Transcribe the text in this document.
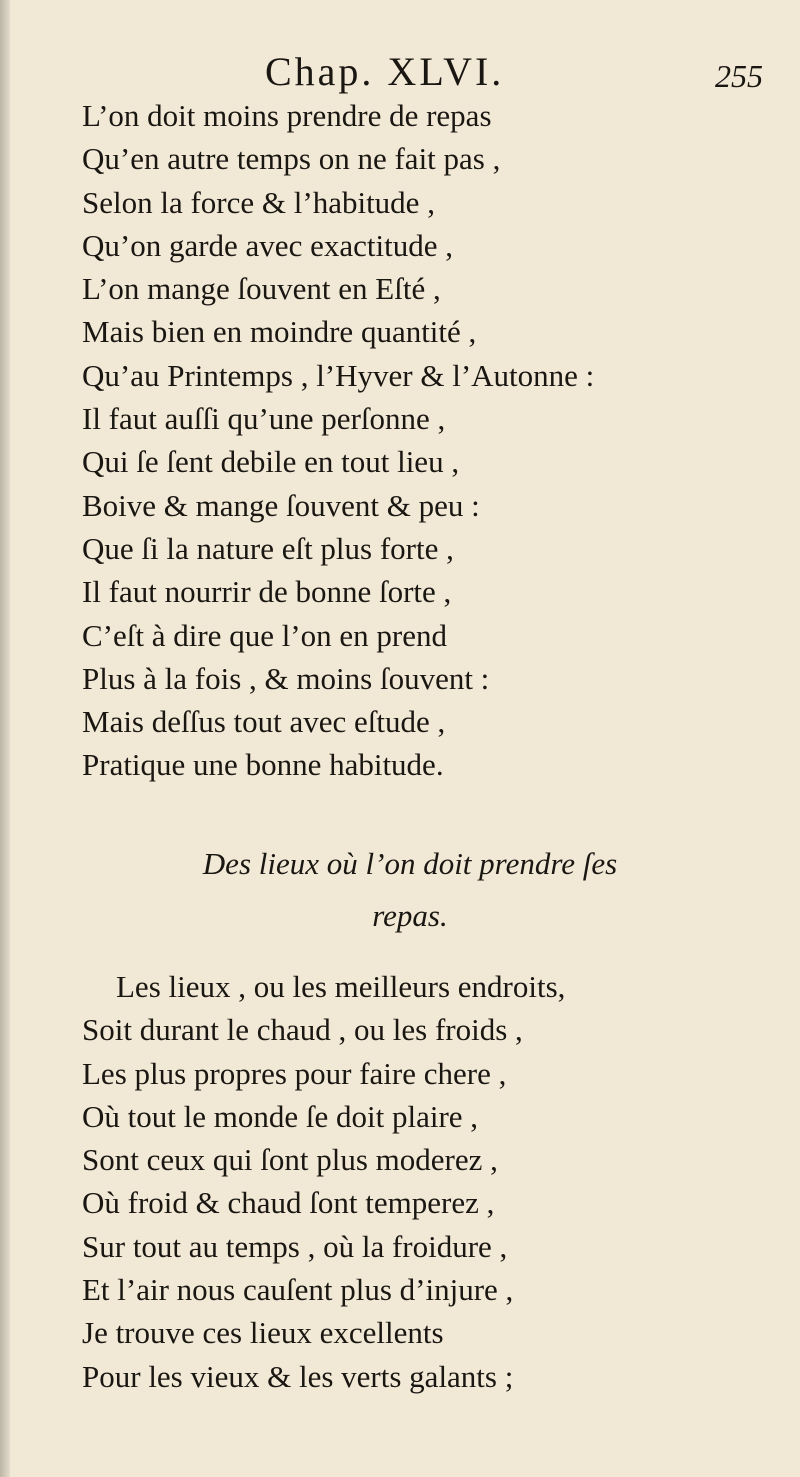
Chap. XLVI.	255
L’on doit moins prendre de repas
Qu’en autre temps on ne fait pas ,
Selon la force & l’habitude ,
Qu’on garde avec exactitude ,
L’on mange ſouvent en Eſté ,
Mais bien en moindre quantité ,
Qu’au Printemps , l’Hyver & l’Autonne :
Il faut auſſi qu’une perſonne ,
Qui ſe ſent debile en tout lieu ,
Boive & mange ſouvent & peu :
Que ſi la nature eſt plus forte ,
Il faut nourrir de bonne ſorte ,
C’eſt à dire que l’on en prend
Plus à la fois , & moins ſouvent :
Mais deſſus tout avec eſtude ,
Pratique une bonne habitude.
Des lieux où l’on doit prendre ſes
repas.
Les lieux , ou les meilleurs endroits,
Soit durant le chaud , ou les froids ,
Les plus propres pour faire chere ,
Où tout le monde ſe doit plaire ,
Sont ceux qui ſont plus moderez ,
Où froid & chaud ſont temperez ,
Sur tout au temps , où la froidure ,
Et l’air nous cauſent plus d’injure ,
Je trouve ces lieux excellents
Pour les vieux & les verts galants ;
